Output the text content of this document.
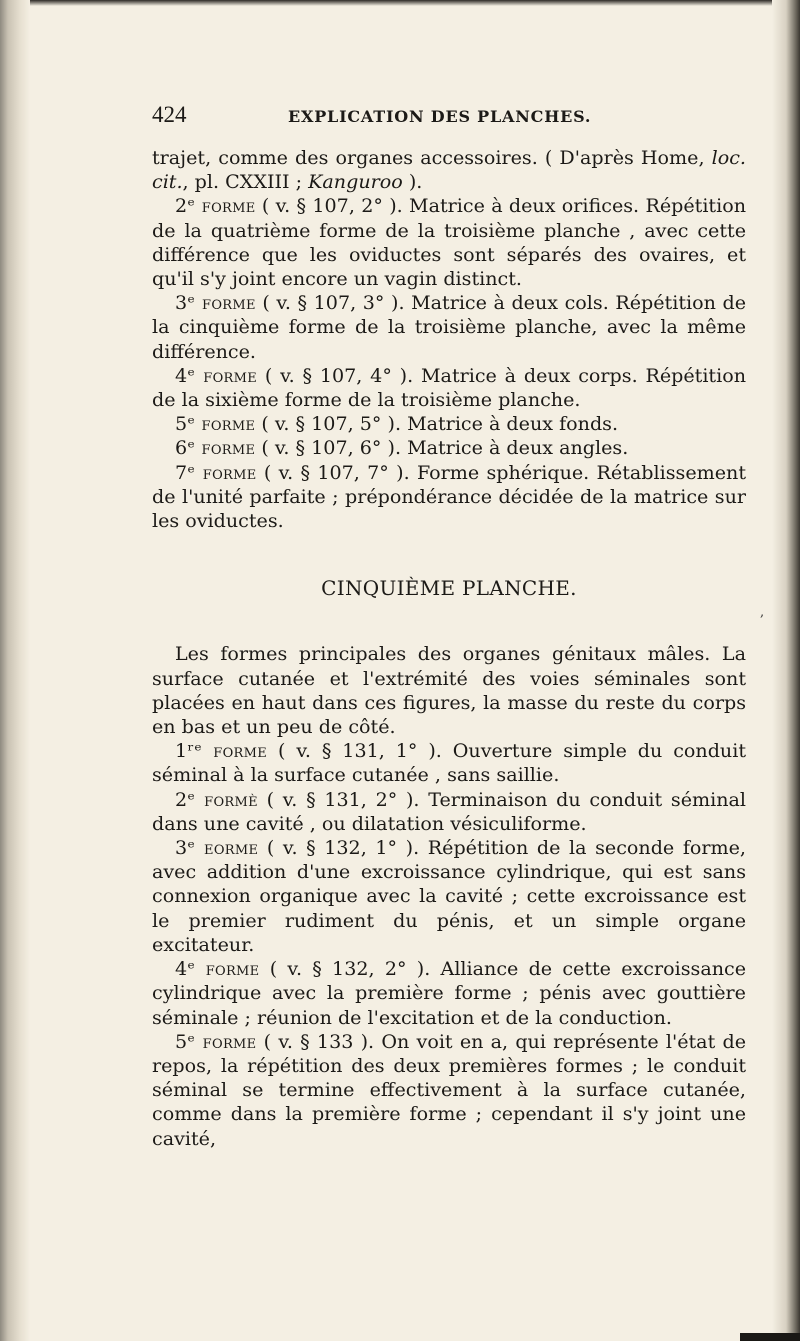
424	EXPLICATION DES PLANCHES.

trajet, comme des organes accessoires. ( D'après Home, loc. cit., pl. CXXIII ; Kanguroo ).

2ᵉ forme ( v. § 107, 2° ). Matrice à deux orifices. Répétition de la quatrième forme de la troisième planche , avec cette différence que les oviductes sont séparés des ovaires, et qu'il s'y joint encore un vagin distinct.

3ᵉ forme ( v. § 107, 3° ). Matrice à deux cols. Répétition de la cinquième forme de la troisième planche, avec la même différence.

4ᵉ forme ( v. § 107, 4° ). Matrice à deux corps. Répétition de la sixième forme de la troisième planche.

5ᵉ forme ( v. § 107, 5° ). Matrice à deux fonds.

6ᵉ forme ( v. § 107, 6° ). Matrice à deux angles.

7ᵉ forme ( v. § 107, 7° ). Forme sphérique. Rétablissement de l'unité parfaite ; prépondérance décidée de la matrice sur les oviductes.

CINQUIÈME PLANCHE.

Les formes principales des organes génitaux mâles. La surface cutanée et l'extrémité des voies séminales sont placées en haut dans ces figures, la masse du reste du corps en bas et un peu de côté.

1ʳᵉ forme ( v. § 131, 1° ). Ouverture simple du conduit séminal à la surface cutanée , sans saillie.

2ᵉ formè ( v. § 131, 2° ). Terminaison du conduit séminal dans une cavité , ou dilatation vésiculiforme.

3ᵉ eorme ( v. § 132, 1° ). Répétition de la seconde forme, avec addition d'une excroissance cylindrique, qui est sans connexion organique avec la cavité ; cette excroissance est le premier rudiment du pénis, et un simple organe excitateur.

4ᵉ forme ( v. § 132, 2° ). Alliance de cette excroissance cylindrique avec la première forme ; pénis avec gouttière séminale ; réunion de l'excitation et de la conduction.

5ᵉ forme ( v. § 133 ). On voit en a, qui représente l'état de repos, la répétition des deux premières formes ; le conduit séminal se termine effectivement à la surface cutanée, comme dans la première forme ; cependant il s'y joint une cavité,

,
